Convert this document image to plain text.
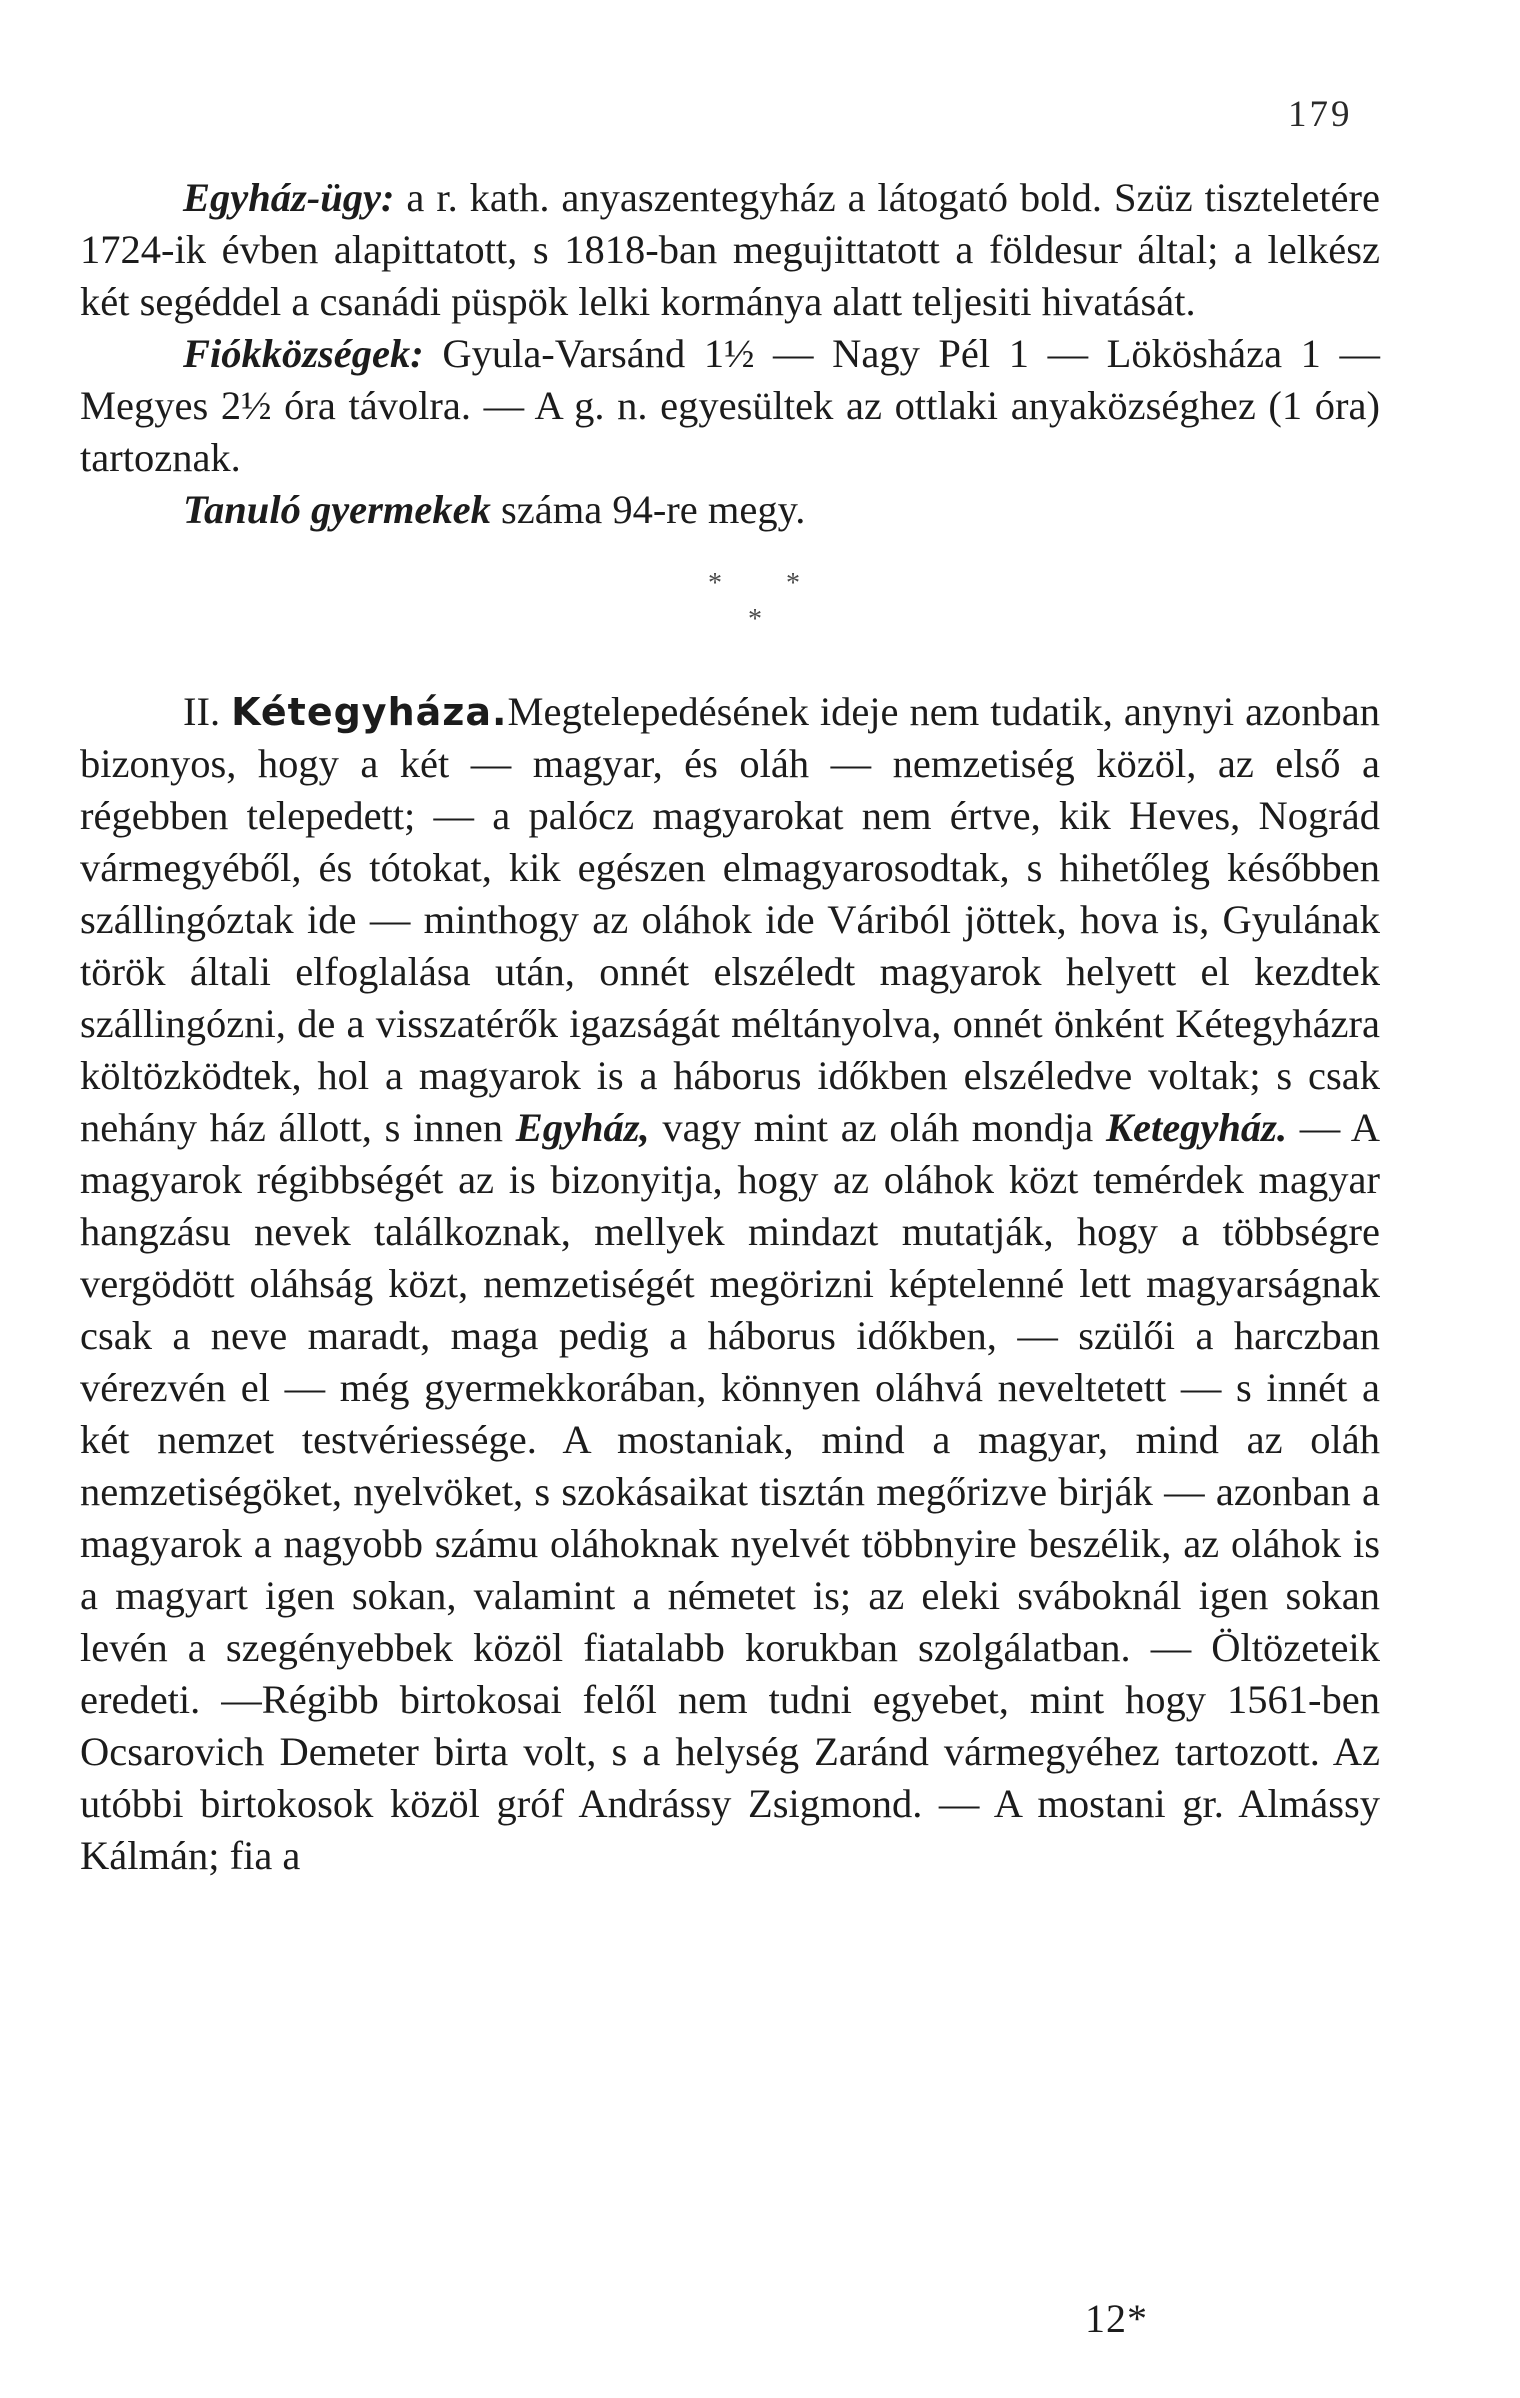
179

Egyház-ügy: a r. kath. anyaszentegyház a látogató bold. Szüz tiszteletére 1724-ik évben alapittatott, s 1818-ban megujittatott a földesur által; a lelkész két segéddel a csanádi püspök lelki kormánya alatt teljesiti hivatását.

Fiókközségek: Gyula-Varsánd 1½ — Nagy Pél 1 — Lökösháza 1 — Megyes 2½ óra távolra. — A g. n. egyesültek az ottlaki anyaközséghez (1 óra) tartoznak.

Tanuló gyermekek száma 94-re megy.

* *
*

II. Kétegyháza.Megtelepedésének ideje nem tudatik, anynyi azonban bizonyos, hogy a két — magyar, és oláh — nemzetiség közöl, az első a régebben telepedett; — a palócz magyarokat nem értve, kik Heves, Nográd vármegyéből, és tótokat, kik egészen elmagyarosodtak, s hihetőleg későbben szállingóztak ide — minthogy az oláhok ide Váriból jöttek, hova is, Gyulának török általi elfoglalása után, onnét elszéledt magyarok helyett el kezdtek szállingózni, de a visszatérők igazságát méltányolva, onnét önként Kétegyházra költözködtek, hol a magyarok is a háborus időkben elszéledve voltak; s csak nehány ház állott, s innen Egyház, vagy mint az oláh mondja Ketegyház. — A magyarok régibbségét az is bizonyitja, hogy az oláhok közt temérdek magyar hangzásu nevek találkoznak, mellyek mindazt mutatják, hogy a többségre vergödött oláhság közt, nemzetiségét megörizni képtelenné lett magyarságnak csak a neve maradt, maga pedig a háborus időkben, — szülői a harczban vérezvén el — még gyermekkorában, könnyen oláhvá neveltetett — s innét a két nemzet testvériessége. A mostaniak, mind a magyar, mind az oláh nemzetiségöket, nyelvöket, s szokásaikat tisztán megőrizve birják — azonban a magyarok a nagyobb számu oláhoknak nyelvét többnyire beszélik, az oláhok is a magyart igen sokan, valamint a németet is; az eleki sváboknál igen sokan levén a szegényebbek közöl fiatalabb korukban szolgálatban. — Öltözeteik eredeti. —Régibb birtokosai felől nem tudni egyebet, mint hogy 1561-ben Ocsarovich Demeter birta volt, s a helység Zaránd vármegyéhez tartozott. Az utóbbi birtokosok közöl gróf Andrássy Zsigmond. — A mostani gr. Almássy Kálmán; fia a

12*
